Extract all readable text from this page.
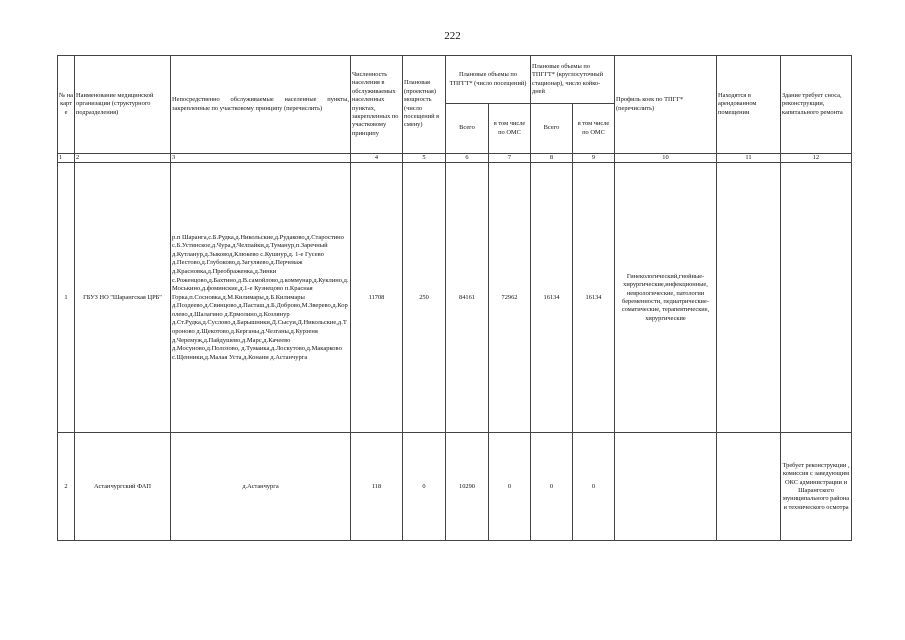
222
№ на карте	Наименование медицинской организации (структурного подразделения)	Непосредственно обслуживаемые населенные пункты, закрепленные по участковому принципу (перечислить)	Численность населения в обслуживаемых населенных пунктах, закрепленных по участковому принципу	Плановая (проектная) мощность (число посещений в смену)	Плановые объемы по ТПГГТ* (число посещений)		Плановые объемы по ТПГГТ* (круглосуточный стационар), число койко-дней		Профиль коек по ТПГГ* (перечислить)	Находятся в арендованном помещении	Здание требует сноса, реконструкции, капитального ремонта
					Всего	в том числе по ОМС	Всего	в том числе по ОМС			
1	2	3	4	5	6	7	8	9	10	11	12
1	ГБУЗ НО "Шарангская ЦРБ"	р.п Шаранга,с.Б.Рудка,д.Никольские,д.Рудаково,д.Старостино с.Б.Устинское,д.Чура,д.Челпайки,д.Туманур,п.Заречный д.Кутланур,д.Зыковод,Клюкево с.Кушнур,д. 1-е Гусево д.Пестово,д.Глубоково,д.Загуляево,д.Перчеваж д.Красновка,д.Преображенка,д.Зинки с.Роженцово,д.Бахтино,д.В.самойлово,д.коммунар,д.Куклино,д.Моськино,д.фоминские,д.1-е Кузнецово п.Красная Горка,п.Сосновка,д.М.Килимары,д.Б.Килимары д.Поздеево,д.Свинцово,д.Пасташ,д.Б.Доброво,М.Зверево,д.Королево,д.Шалагино д.Ермолино,д.Козлянур д.Ст.Рудка,д.Суслово,д.Барышники,Д.Сысуи,Д.Никольские,д.Тороново д.Щекотово,д.Керганы,д.Чезганы,д.Курзеня д.Черемуж,д.Пайдушево,д.Марс,д.Качеево д.Мосуново,д.Полозово, д.Тумаика,д.Лоскутово,д.Макарково с.Щенники,д.Малая Уста,д.Конани д.Астанчурга	11708	250	84161	72962	16134	16134	Гинекологический,гнойные-хирургические,инфекционные, неврологические, патологии беременности, педиатрические-соматические, терапевтические, хирургические		
2	Астанчургский ФАП	д.Астанчурга	118	0	10290	0	0	0			Требует реконструкции , комиссия с заведующим ОКС администрации и Шарангского муниципального района и технического осмотра
